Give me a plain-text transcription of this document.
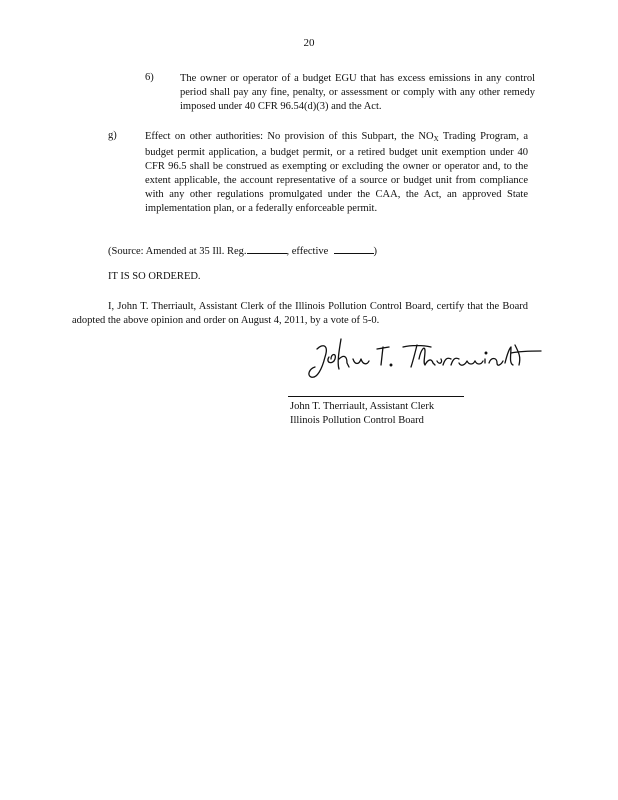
20
6)	The owner or operator of a budget EGU that has excess emissions in any control period shall pay any fine, penalty, or assessment or comply with any other remedy imposed under 40 CFR 96.54(d)(3) and the Act.
g)	Effect on other authorities: No provision of this Subpart, the $NO_X$ Trading Program, a budget permit application, a budget permit, or a retired budget unit exemption under 40 CFR 96.5 shall be construed as exempting or excluding the owner or operator and, to the extent applicable, the account representative of a source or budget unit from compliance with any other regulations promulgated under the CAA, the Act, an approved State implementation plan, or a federally enforceable permit.
(Source: Amended at 35 Ill. Reg.	, effective	)
IT IS SO ORDERED.
I, John T. Therriault, Assistant Clerk of the Illinois Pollution Control Board, certify that the Board adopted the above opinion and order on August 4, 2011, by a vote of 5-0.
John T. Therriault, Assistant Clerk
Illinois Pollution Control Board
